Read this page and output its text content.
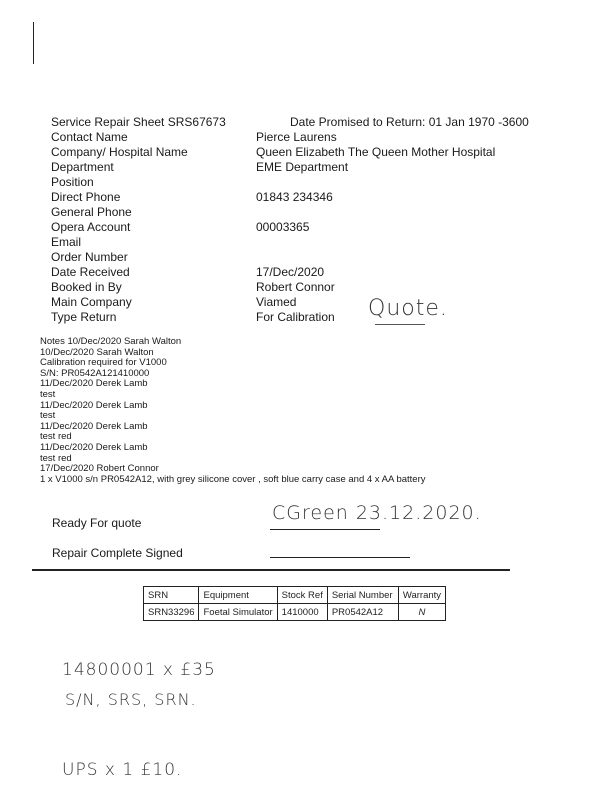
Service Repair Sheet SRS67673	Date Promised to Return: 01 Jan 1970 -3600
Contact Name	Pierce Laurens
Company/ Hospital Name	Queen Elizabeth The Queen Mother Hospital
Department	EME Department
Position
Direct Phone	01843 234346
General Phone
Opera Account	00003365
Email
Order Number
Date Received	17/Dec/2020
Booked in By	Robert Connor
Main Company	Viamed
Type Return	For Calibration Quote.
Notes 10/Dec/2020 Sarah Walton
10/Dec/2020 Sarah Walton
Calibration required for V1000
S/N: PR0542A121410000
11/Dec/2020 Derek Lamb
test
11/Dec/2020 Derek Lamb
test
11/Dec/2020 Derek Lamb
test red
11/Dec/2020 Derek Lamb
test red
17/Dec/2020 Robert Connor
1 x V1000 s/n PR0542A12, with grey silicone cover , soft blue carry case and 4 x AA battery
Ready For quote	CGreen 23.12.2020.
Repair Complete Signed
SRN	Equipment	Stock Ref	Serial Number	Warranty
SRN33296	Foetal Simulator	1410000	PR0542A12	N
14800001 x £35
S/N, SRS, SRN.
UPS x 1 £10.
